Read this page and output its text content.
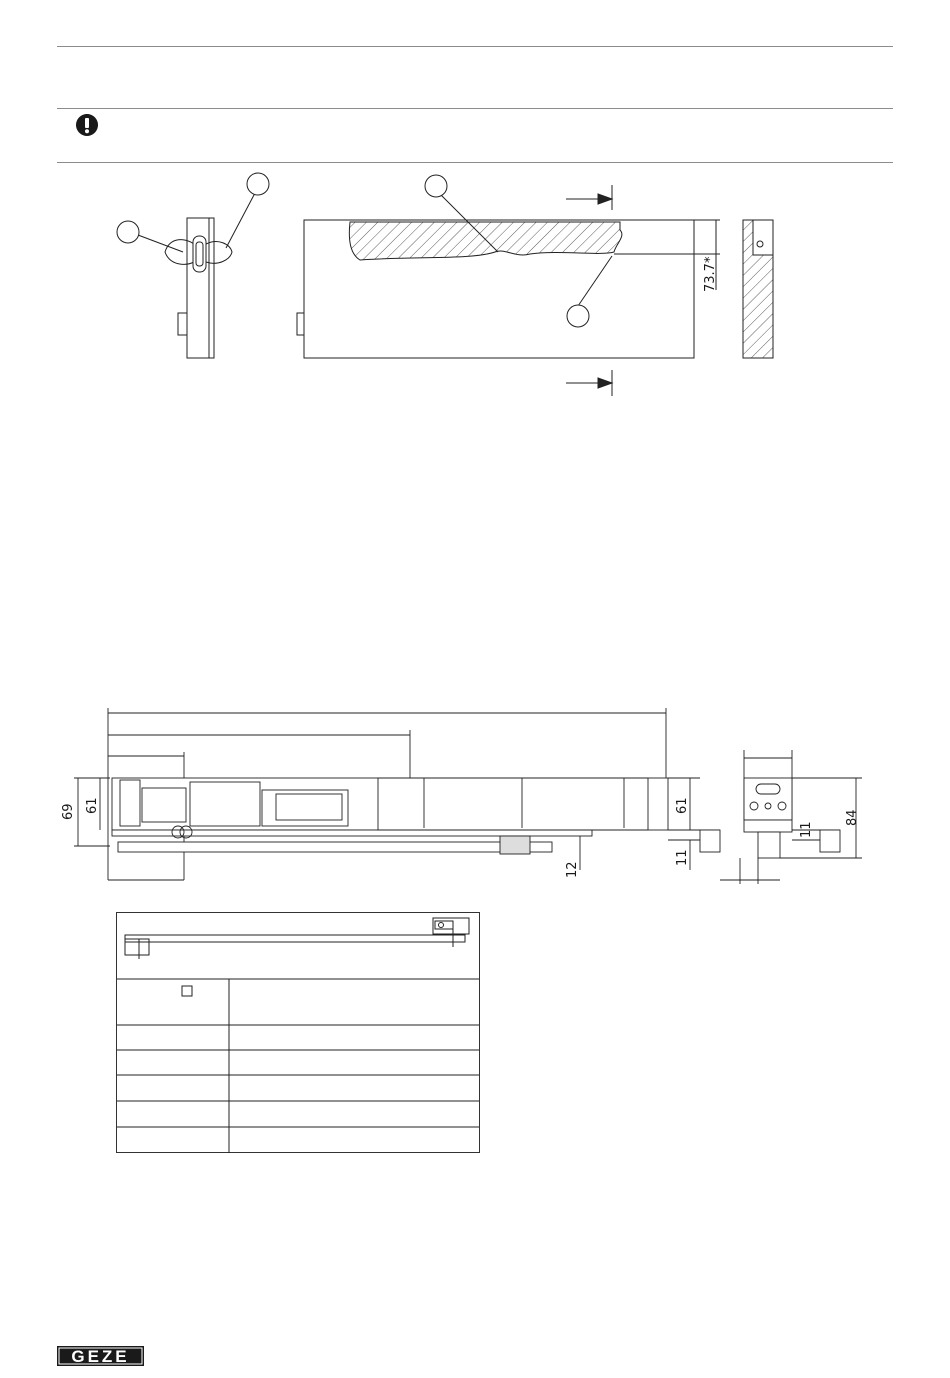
73.7*
69 61	61
11
12
11
84
GEZE
